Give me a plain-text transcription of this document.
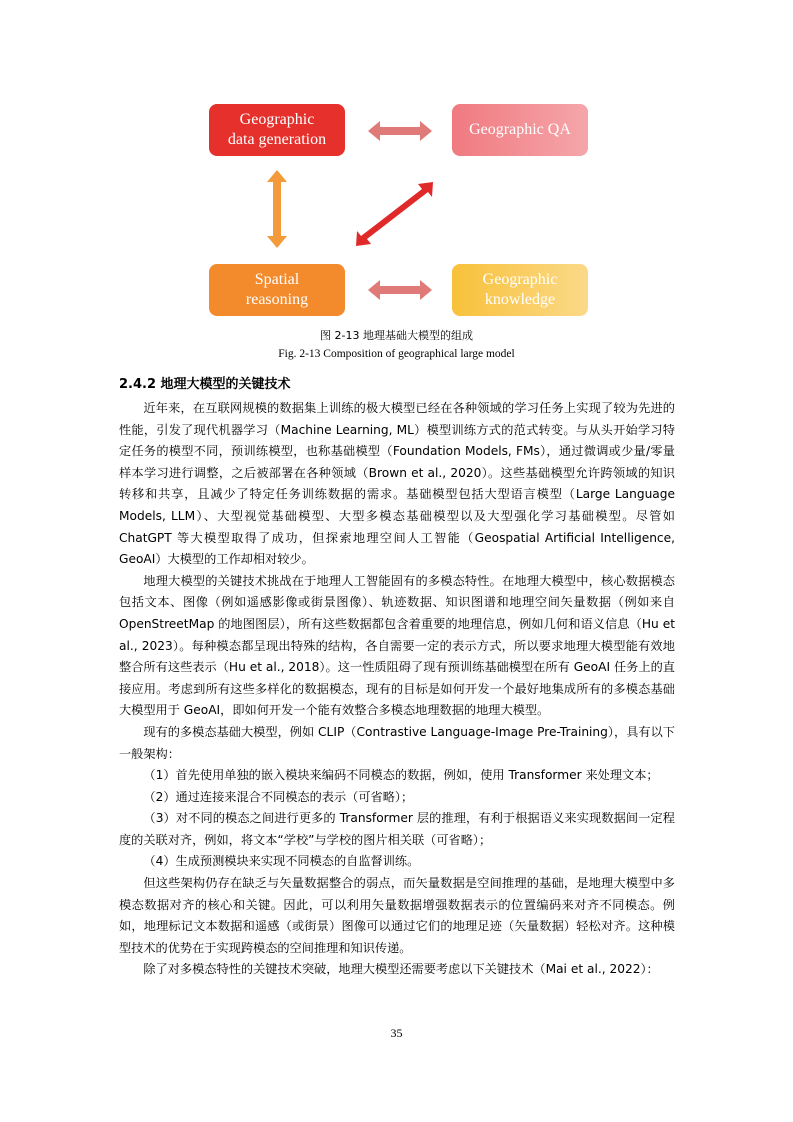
Geographic
data generation
Geographic QA
Spatial
reasoning
Geographic
knowledge
图 2-13 地理基础大模型的组成
Fig. 2-13 Composition of geographical large model
2.4.2 地理大模型的关键技术

近年来，在互联网规模的数据集上训练的极大模型已经在各种领域的学习任务上实现了较为先进的性能，引发了现代机器学习（Machine Learning, ML）模型训练方式的范式转变。与从头开始学习特定任务的模型不同，预训练模型，也称基础模型（Foundation Models, FMs），通过微调或少量/零量样本学习进行调整，之后被部署在各种领域（Brown et al., 2020）。这些基础模型允许跨领域的知识转移和共享，且减少了特定任务训练数据的需求。基础模型包括大型语言模型（Large Language Models, LLM）、大型视觉基础模型、大型多模态基础模型以及大型强化学习基础模型。尽管如 ChatGPT 等大模型取得了成功，但探索地理空间人工智能（Geospatial Artificial Intelligence, GeoAI）大模型的工作却相对较少。

地理大模型的关键技术挑战在于地理人工智能固有的多模态特性。在地理大模型中，核心数据模态包括文本、图像（例如遥感影像或街景图像）、轨迹数据、知识图谱和地理空间矢量数据（例如来自 OpenStreetMap 的地图图层），所有这些数据都包含着重要的地理信息，例如几何和语义信息（Hu et al., 2023）。每种模态都呈现出特殊的结构，各自需要一定的表示方式，所以要求地理大模型能有效地整合所有这些表示（Hu et al., 2018）。这一性质阻碍了现有预训练基础模型在所有 GeoAI 任务上的直接应用。考虑到所有这些多样化的数据模态，现有的目标是如何开发一个最好地集成所有的多模态基础大模型用于 GeoAI，即如何开发一个能有效整合多模态地理数据的地理大模型。

现有的多模态基础大模型，例如 CLIP（Contrastive Language-Image Pre-Training），具有以下一般架构：

（1）首先使用单独的嵌入模块来编码不同模态的数据，例如，使用 Transformer 来处理文本；

（2）通过连接来混合不同模态的表示（可省略）；

（3）对不同的模态之间进行更多的 Transformer 层的推理，有利于根据语义来实现数据间一定程度的关联对齐，例如，将文本“学校”与学校的图片相关联（可省略）；

（4）生成预测模块来实现不同模态的自监督训练。

但这些架构仍存在缺乏与矢量数据整合的弱点，而矢量数据是空间推理的基础，是地理大模型中多模态数据对齐的核心和关键。因此，可以利用矢量数据增强数据表示的位置编码来对齐不同模态。例如，地理标记文本数据和遥感（或街景）图像可以通过它们的地理足迹（矢量数据）轻松对齐。这种模型技术的优势在于实现跨模态的空间推理和知识传递。

除了对多模态特性的关键技术突破，地理大模型还需要考虑以下关键技术（Mai et al., 2022）：

35
